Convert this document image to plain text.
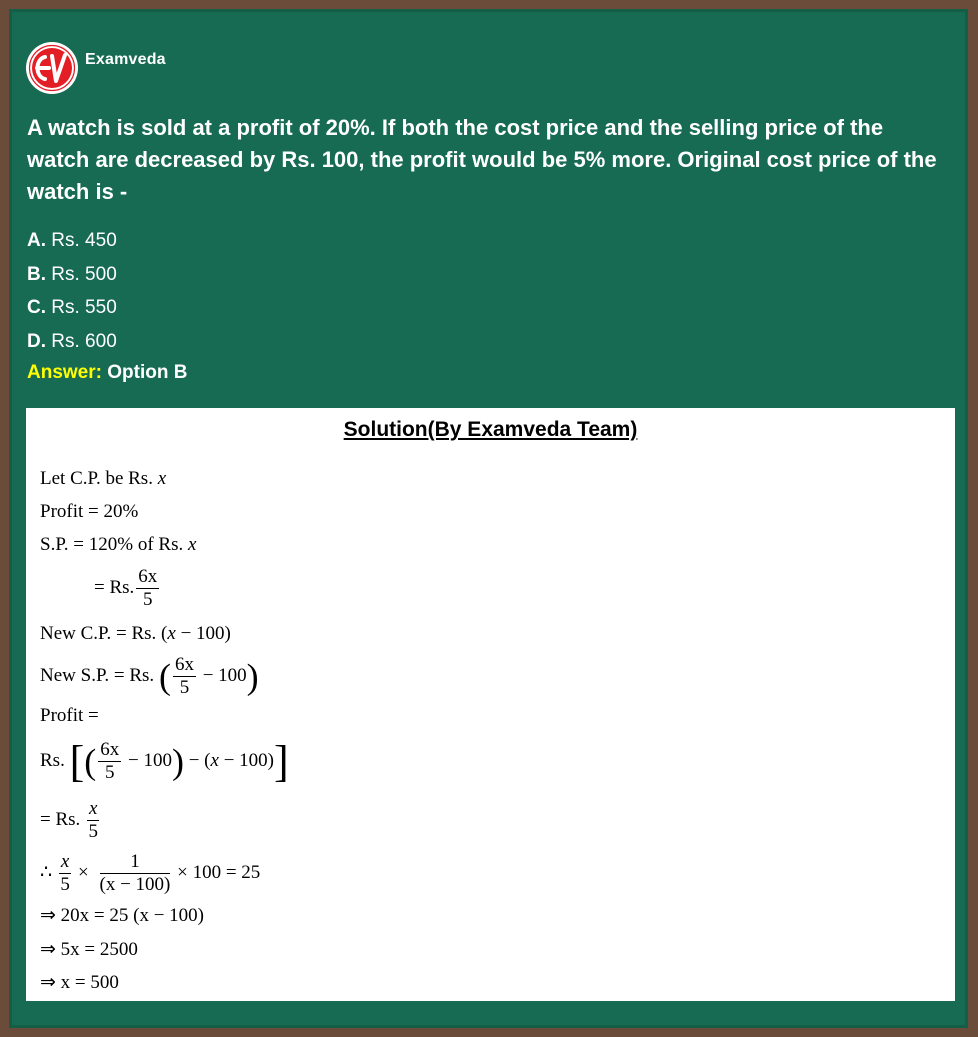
Examveda
A watch is sold at a profit of 20%. If both the cost price and the selling price of the watch are decreased by Rs. 100, the profit would be 5% more. Original cost price of the watch is -
A. Rs. 450
B. Rs. 500
C. Rs. 550
D. Rs. 600
Answer: Option B
Solution(By Examveda Team)
Let C.P. be Rs. x
Profit = 20%
S.P. = 120% of Rs. x
= Rs. $\frac{6x}{5}$
New C.P. = Rs. (x − 100)
New S.P. = Rs. ( $\frac{6x}{5} - 100$)
Profit =
Rs. [( $\frac{6x}{5} - 100) - (x - 100)$]
= Rs. $\frac{x}{5}$
∴ $\frac{x}{5} \times \frac{1}{(x - 100)} \times 100 = 25$
⇒ 20x = 25 (x − 100)
⇒ 5x = 2500
⇒ x = 500
